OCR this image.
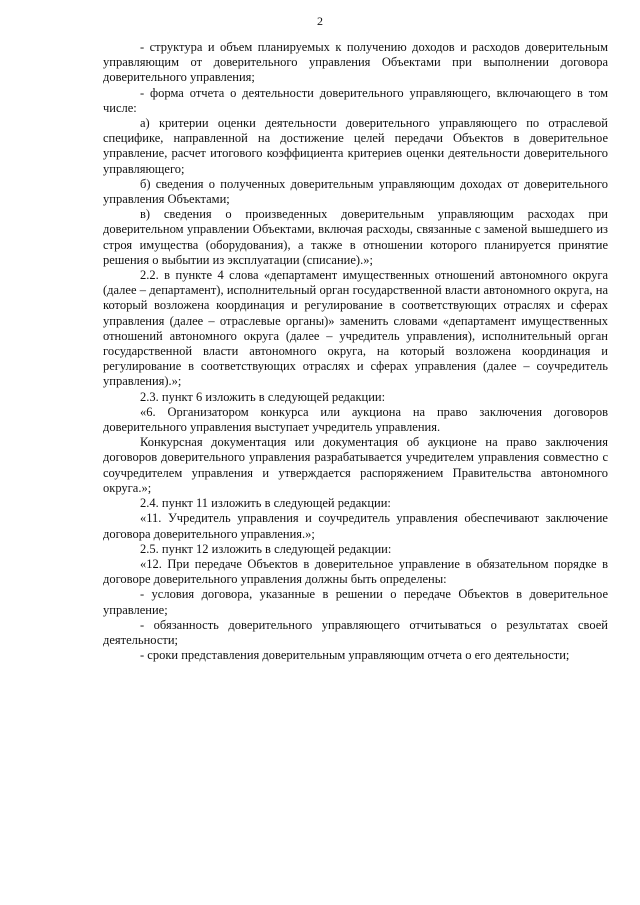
2

- структура и объем планируемых к получению доходов и расходов доверительным управляющим от доверительного управления Объектами при выполнении договора доверительного управления;

- форма отчета о деятельности доверительного управляющего, включающего в том числе:

а) критерии оценки деятельности доверительного управляющего по отраслевой специфике, направленной на достижение целей передачи Объектов в доверительное управление, расчет итогового коэффициента критериев оценки деятельности доверительного управляющего;

б) сведения о полученных доверительным управляющим доходах от доверительного управления Объектами;

в) сведения о произведенных доверительным управляющим расходах при доверительном управлении Объектами, включая расходы, связанные с заменой вышедшего из строя имущества (оборудования), а также в отношении которого планируется принятие решения о выбытии из эксплуатации (списание).»;

2.2. в пункте 4 слова «департамент имущественных отношений автономного округа (далее – департамент), исполнительный орган государственной власти автономного округа, на который возложена координация и регулирование в соответствующих отраслях и сферах управления (далее – отраслевые органы)» заменить словами «департамент имущественных отношений автономного округа (далее – учредитель управления), исполнительный орган государственной власти автономного округа, на который возложена координация и регулирование в соответствующих отраслях и сферах управления (далее – соучредитель управления).»;

2.3. пункт 6 изложить в следующей редакции:

«6. Организатором конкурса или аукциона на право заключения договоров доверительного управления выступает учредитель управления.

Конкурсная документация или документация об аукционе на право заключения договоров доверительного управления разрабатывается учредителем управления совместно с соучредителем управления и утверждается распоряжением Правительства автономного округа.»;

2.4. пункт 11 изложить в следующей редакции:

«11. Учредитель управления и соучредитель управления обеспечивают заключение договора доверительного управления.»;

2.5. пункт 12 изложить в следующей редакции:

«12. При передаче Объектов в доверительное управление в обязательном порядке в договоре доверительного управления должны быть определены:

- условия договора, указанные в решении о передаче Объектов в доверительное управление;

- обязанность доверительного управляющего отчитываться о результатах своей деятельности;

- сроки представления доверительным управляющим отчета о его деятельности;
